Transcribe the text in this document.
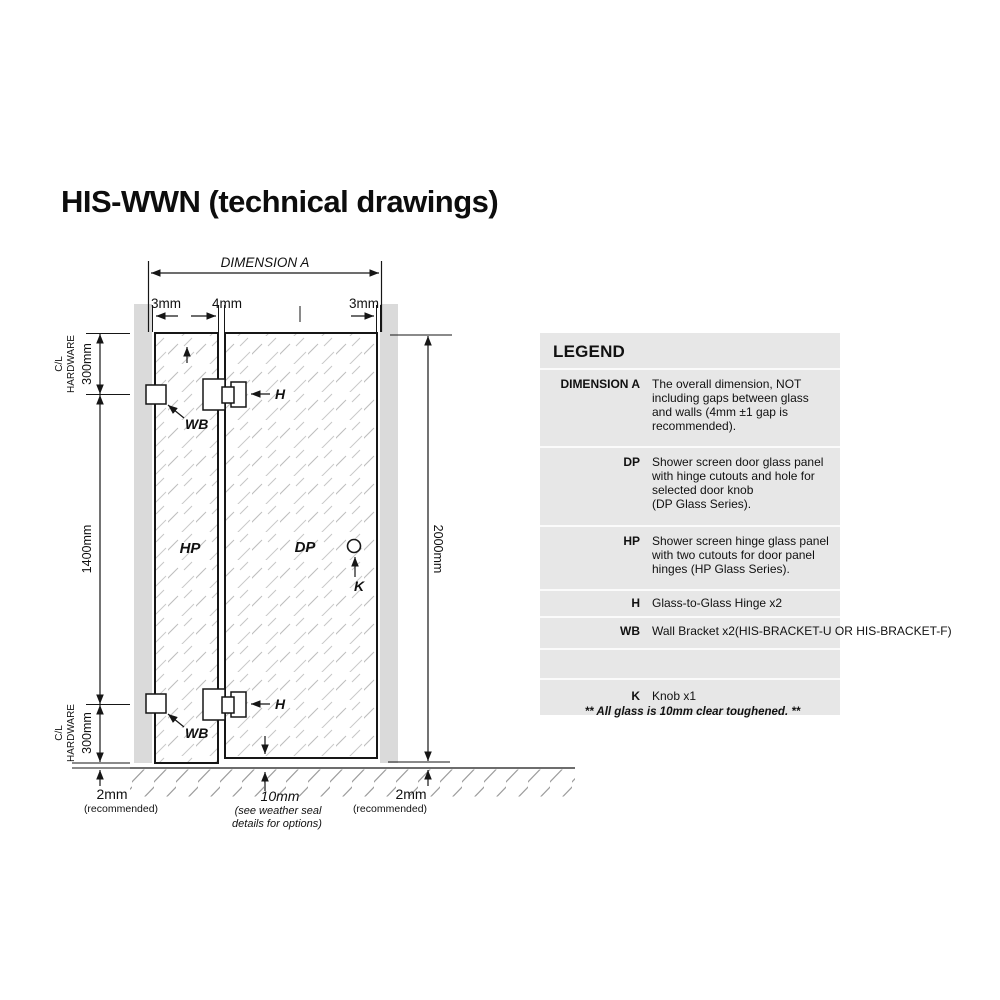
HIS-WWN (technical drawings)
DIMENSION A
3mm 4mm	3mm
C/L HARDWARE 300mm
1400mm
C/L HARDWARE 300mm
2mm
(recommended)
2000mm
2mm
(recommended)
10mm
(see weather seal
details for options)
HP	DP
K
H
H
WB
WB
LEGEND
DIMENSION A The overall dimension, NOT
including gaps between glass
and walls (4mm ±1 gap is
recommended).
DP Shower screen door glass panel
with hinge cutouts and hole for
selected door knob
(DP Glass Series).
HP Shower screen hinge glass panel
with two cutouts for door panel
hinges (HP Glass Series).
H Glass-to-Glass Hinge x2
WB Wall Bracket x2(HIS-BRACKET-U OR HIS-BRACKET-F)
K Knob x1
** All glass is 10mm clear toughened. **
